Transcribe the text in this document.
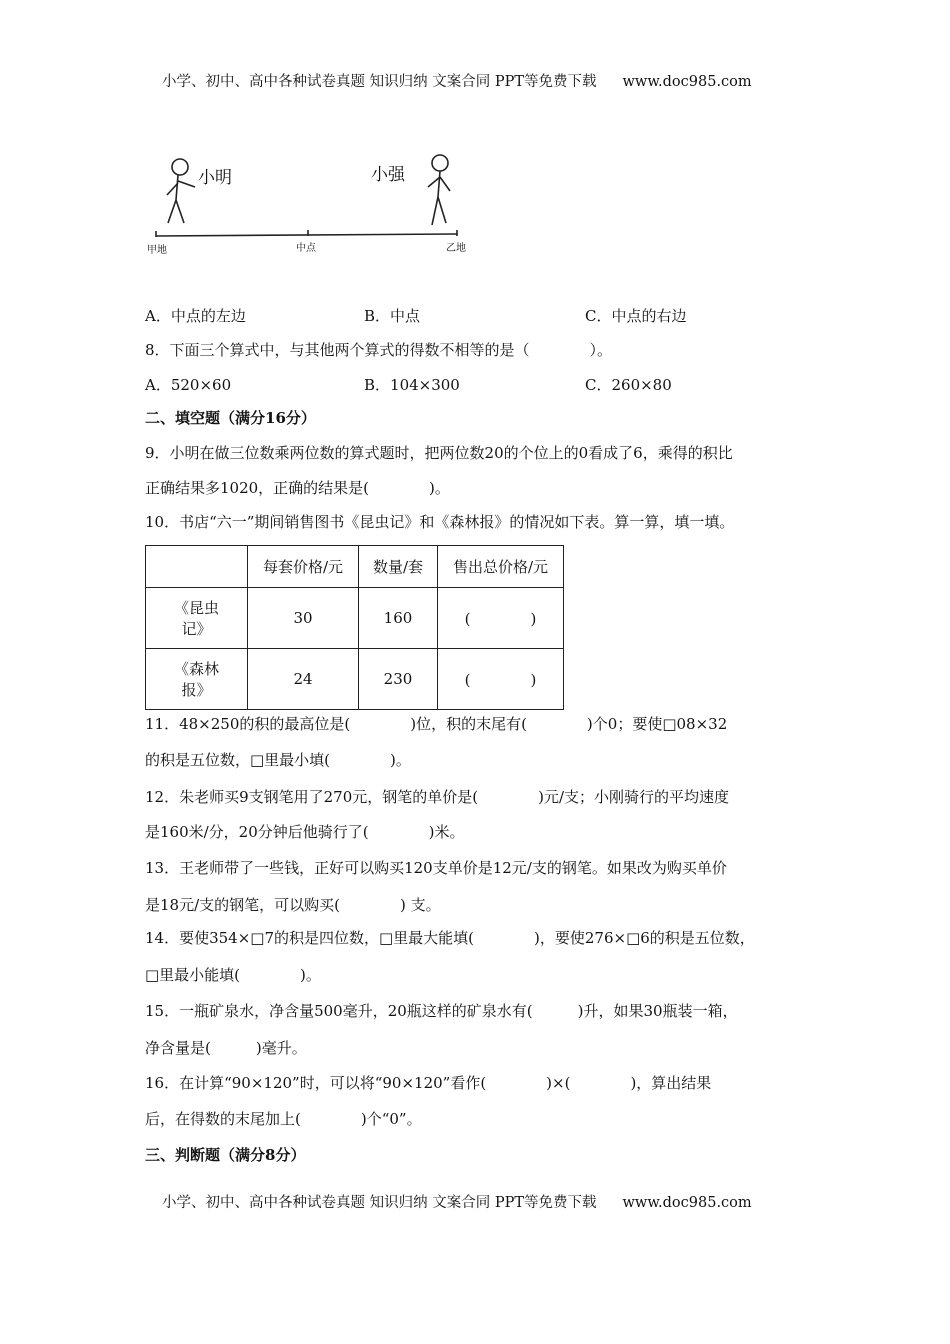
小学、初中、高中各种试卷真题 知识归纳 文案合同 PPT等免费下载 www.doc985.com
小明	小强
甲地	中点	乙地
A．中点的左边	B．中点	C．中点的右边
8．下面三个算式中，与其他两个算式的得数不相等的是（　　　　）。
A．520×60	B．104×300	C．260×80
二、填空题（满分16分）
9．小明在做三位数乘两位数的算式题时，把两位数20的个位上的0看成了6，乘得的积比
正确结果多1020，正确的结果是(　　　　)。
10．书店“六一”期间销售图书《昆虫记》和《森林报》的情况如下表。算一算，填一填。
	每套价格/元	数量/套	售出总价格/元
《昆虫记》	30	160	(　　　　)
《森林报》	24	230	(　　　　)
11．48×250的积的最高位是(　　　　)位，积的末尾有(　　　　)个0；要使□08×32
的积是五位数，□里最小填(　　　　)。
12．朱老师买9支钢笔用了270元，钢笔的单价是(　　　　)元/支；小刚骑行的平均速度
是160米/分，20分钟后他骑行了(　　　　)米。
13．王老师带了一些钱，正好可以购买120支单价是12元/支的钢笔。如果改为购买单价
是18元/支的钢笔，可以购买(　　　　) 支。
14．要使354×□7的积是四位数，□里最大能填(　　　　)，要使276×□6的积是五位数，
□里最小能填(　　　　)。
15．一瓶矿泉水，净含量500毫升，20瓶这样的矿泉水有(　　　)升，如果30瓶装一箱，
净含量是(　　　)毫升。
16．在计算“90×120”时，可以将“90×120”看作(　　　　)×(　　　　)，算出结果
后，在得数的末尾加上(　　　　)个“0”。
三、判断题（满分8分）
小学、初中、高中各种试卷真题 知识归纳 文案合同 PPT等免费下载 www.doc985.com
